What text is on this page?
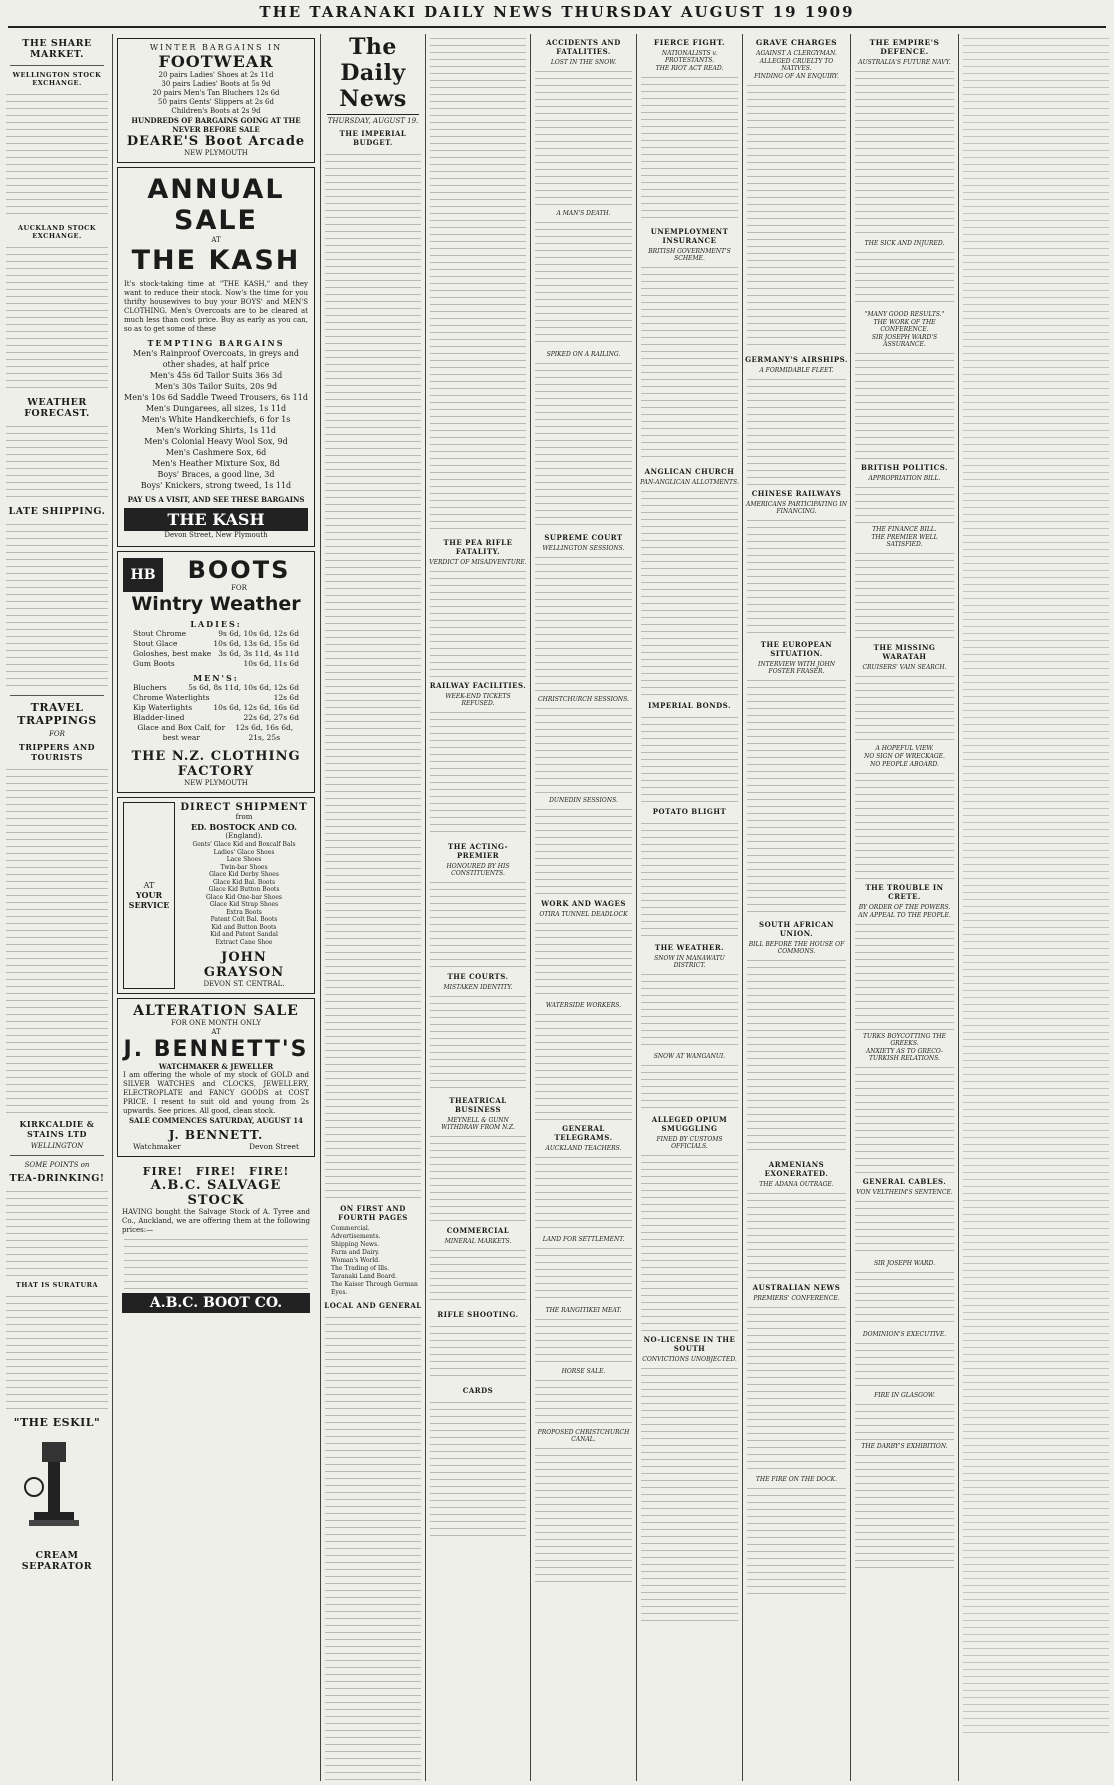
THE TARANAKI DAILY NEWS THURSDAY AUGUST 19 1909
THE SHARE MARKET.
WELLINGTON STOCK EXCHANGE.
AUCKLAND STOCK EXCHANGE.
WEATHER FORECAST.
LATE SHIPPING.
TRAVEL TRAPPINGS
FOR
TRIPPERS AND TOURISTS
KIRKCALDIE & STAINS LTD
WELLINGTON
SOME POINTS on
TEA-DRINKING!
THAT IS SURATURA
"THE ESKIL"
CREAM SEPARATOR
WINTER BARGAINS IN
FOOTWEAR
20 pairs Ladies' Shoes at 2s 11d
30 pairs Ladies' Boots at 5s 9d
20 pairs Men's Tan Bluchers 12s 6d
50 pairs Gents' Slippers at 2s 6d
Children's Boots at 2s 9d
HUNDREDS OF BARGAINS GOING AT THE NEVER BEFORE SALE
DEARE'S Boot Arcade
NEW PLYMOUTH
ANNUAL SALE
AT
THE KASH
It's stock-taking time at "THE KASH," and they want to reduce their stock. Now's the time for you thrifty housewives to buy your BOYS' and MEN'S CLOTHING. Men's Overcoats are to be cleared at much less than cost price. Buy as early as you can, so as to get some of these
TEMPTING BARGAINS
Men's Rainproof Overcoats, in greys and other shades, at half price
Men's 45s 6d Tailor Suits 36s 3d
Men's 30s Tailor Suits, 20s 9d
Men's 10s 6d Saddle Tweed Trousers, 6s 11d
Men's Dungarees, all sizes, 1s 11d
Men's White Handkerchiefs, 6 for 1s
Men's Working Shirts, 1s 11d
Men's Colonial Heavy Wool Sox, 9d
Men's Cashmere Sox, 6d
Men's Heather Mixture Sox, 8d
Boys' Braces, a good line, 3d
Boys' Knickers, strong tweed, 1s 11d
PAY US A VISIT, AND SEE THESE BARGAINS
THE KASH
Devon Street, New Plymouth
HB	BOOTS
FOR
Wintry Weather
LADIES:
Stout Chrome	9s 6d, 10s 6d, 12s 6d
Stout Glace	10s 6d, 13s 6d, 15s 6d
Goloshes, best make 3s 6d, 3s 11d, 4s 11d
Gum Boots	10s 6d, 11s 6d
MEN'S:
Bluchers	5s 6d, 8s 11d, 10s 6d, 12s 6d
Chrome Waterlights	12s 6d
Kip Waterlights	10s 6d, 12s 6d, 16s 6d
Bladder-lined	22s 6d, 27s 6d
Glace and Box Calf, for best wear
12s 6d, 16s 6d, 21s, 25s
THE N.Z. CLOTHING FACTORY
NEW PLYMOUTH
AT
YOUR
SERVICE
DIRECT SHIPMENT
from
ED. BOSTOCK AND CO.
(England).
Gents' Glace Kid and Boxcalf Bals
Ladies' Glace Shoes
Lace Shoes
Twin-bar Shoes
Glace Kid Derby Shoes
Glace Kid Bal. Boots
Glace Kid Button Boots
Glace Kid One-bar Shoes
Glace Kid Strap Shoes
Extra Boots
Patent Colt Bal. Boots
Kid and Button Boots
Kid and Patent Sandal
Extract Cane Shoe
JOHN GRAYSON
DEVON ST. CENTRAL.
ALTERATION SALE
FOR ONE MONTH ONLY
AT
J. BENNETT'S
WATCHMAKER & JEWELLER
I am offering the whole of my stock of GOLD and SILVER WATCHES and CLOCKS, JEWELLERY, ELECTROPLATE and FANCY GOODS at COST PRICE. I resent to suit old and young from 2s upwards. See prices. All good, clean stock.
SALE COMMENCES SATURDAY, AUGUST 14
J. BENNETT.
Watchmaker	Devon Street
FIRE! FIRE! FIRE!
A.B.C. SALVAGE STOCK
HAVING bought the Salvage Stock of A. Tyree and Co., Auckland, we are offering them at the following prices:—
A.B.C. BOOT CO.
The Daily News
THURSDAY, AUGUST 19.
THE IMPERIAL BUDGET.
ON FIRST AND FOURTH PAGES
Commercial.
Advertisements.
Shipping News.
Farm and Dairy.
Woman's World.
The Trading of Ills.
Taranaki Land Board.
The Kaiser Through German Eyes.
LOCAL AND GENERAL
THE PEA RIFLE FATALITY.
VERDICT OF MISADVENTURE.
RAILWAY FACILITIES.
WEEK-END TICKETS REFUSED.
THE ACTING-PREMIER
HONOURED BY HIS CONSTITUENTS.
THE COURTS.
MISTAKEN IDENTITY.
THEATRICAL BUSINESS
MEYNELL & GUNN WITHDRAW FROM N.Z.
COMMERCIAL
MINERAL MARKETS.
RIFLE SHOOTING.
CARDS
ACCIDENTS AND FATALITIES.
LOST IN THE SNOW.
A MAN'S DEATH.
SPIKED ON A RAILING.
SUPREME COURT
WELLINGTON SESSIONS.
CHRISTCHURCH SESSIONS.
DUNEDIN SESSIONS.
WORK AND WAGES
OTIRA TUNNEL DEADLOCK
WATERSIDE WORKERS.
GENERAL TELEGRAMS.
AUCKLAND TEACHERS.
LAND FOR SETTLEMENT.
THE RANGITIKEI MEAT.
HORSE SALE.
PROPOSED CHRISTCHURCH CANAL.
FIERCE FIGHT.
NATIONALISTS v. PROTESTANTS.
THE RIOT ACT READ.
UNEMPLOYMENT INSURANCE
BRITISH GOVERNMENT'S SCHEME.
ANGLICAN CHURCH
PAN-ANGLICAN ALLOTMENTS.
IMPERIAL BONDS.
POTATO BLIGHT
THE WEATHER.
SNOW IN MANAWATU DISTRICT.
SNOW AT WANGANUI.
ALLEGED OPIUM SMUGGLING
FINED BY CUSTOMS OFFICIALS.
NO-LICENSE IN THE SOUTH
CONVICTIONS UNOBJECTED.
GRAVE CHARGES
AGAINST A CLERGYMAN.
ALLEGED CRUELTY TO NATIVES.
FINDING OF AN ENQUIRY.
GERMANY'S AIRSHIPS.
A FORMIDABLE FLEET.
CHINESE RAILWAYS
AMERICANS PARTICIPATING IN FINANCING.
THE EUROPEAN SITUATION.
INTERVIEW WITH JOHN FOSTER FRASER.
SOUTH AFRICAN UNION.
BILL BEFORE THE HOUSE OF COMMONS.
ARMENIANS EXONERATED.
THE ADANA OUTRAGE.
AUSTRALIAN NEWS
PREMIERS' CONFERENCE.
THE FIRE ON THE DOCK.
THE EMPIRE'S DEFENCE.
AUSTRALIA'S FUTURE NAVY.
THE SICK AND INJURED.
"MANY GOOD RESULTS."
THE WORK OF THE CONFERENCE.
SIR JOSEPH WARD'S ASSURANCE.
BRITISH POLITICS.
APPROPRIATION BILL.
THE FINANCE BILL.
THE PREMIER WELL SATISFIED.
THE MISSING WARATAH
CRUISERS' VAIN SEARCH.
A HOPEFUL VIEW.
NO SIGN OF WRECKAGE.
NO PEOPLE ABOARD.
THE TROUBLE IN CRETE.
BY ORDER OF THE POWERS.
AN APPEAL TO THE PEOPLE.
TURKS BOYCOTTING THE GREEKS.
ANXIETY AS TO GRECO-TURKISH RELATIONS.
GENERAL CABLES.
VON VELTHEIM'S SENTENCE.
SIR JOSEPH WARD.
DOMINION'S EXECUTIVE.
FIRE IN GLASGOW.
THE DARBY'S EXHIBITION.
